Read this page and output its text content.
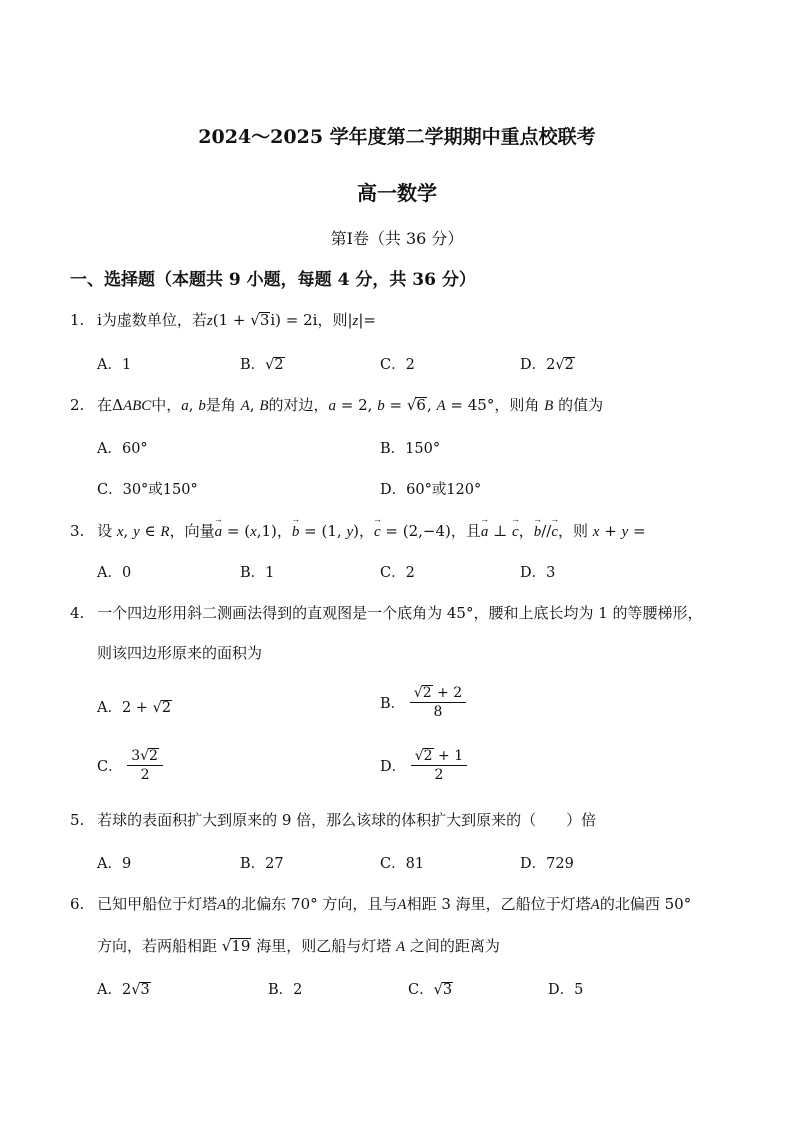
2024～2025 学年度第二学期期中重点校联考
高一数学
第Ⅰ卷（共 36 分）
一、选择题（本题共 9 小题，每题 4 分，共 36 分）
1. i为虚数单位，若z(1 + √3i) = 2i，则|z|=
A．1	B．√2	C．2	D．2√2
2. 在ΔABC中，a, b是角 A, B的对边，a = 2, b = √6, A = 45°，则角 B 的值为
A．60°	B．150°
C．30°或150°	D．60°或120°
3. 设 x, y ∈ R，向量→ a = (x,1)，→ b = (1, y)，→ c = (2,−4)，且→ a ⊥ → c，→ b//→ c，则 x + y =
A．0	B．1	C．2	D．3
4. 一个四边形用斜二测画法得到的直观图是一个底角为 45°，腰和上底长均为 1 的等腰梯形，
则该四边形原来的面积为
A．2 + √2	B． $\frac{√2 + 2}{8}$
C． $\frac{3√2}{2}$	D． $\frac{√2 + 1}{2}$
5. 若球的表面积扩大到原来的 9 倍，那么该球的体积扩大到原来的（　　）倍
A．9	B．27	C．81	D．729
6. 已知甲船位于灯塔A的北偏东 70° 方向，且与A相距 3 海里，乙船位于灯塔A的北偏西 50°
方向，若两船相距 √19 海里，则乙船与灯塔 A 之间的距离为
A．2√3	B．2	C．√3	D．5
